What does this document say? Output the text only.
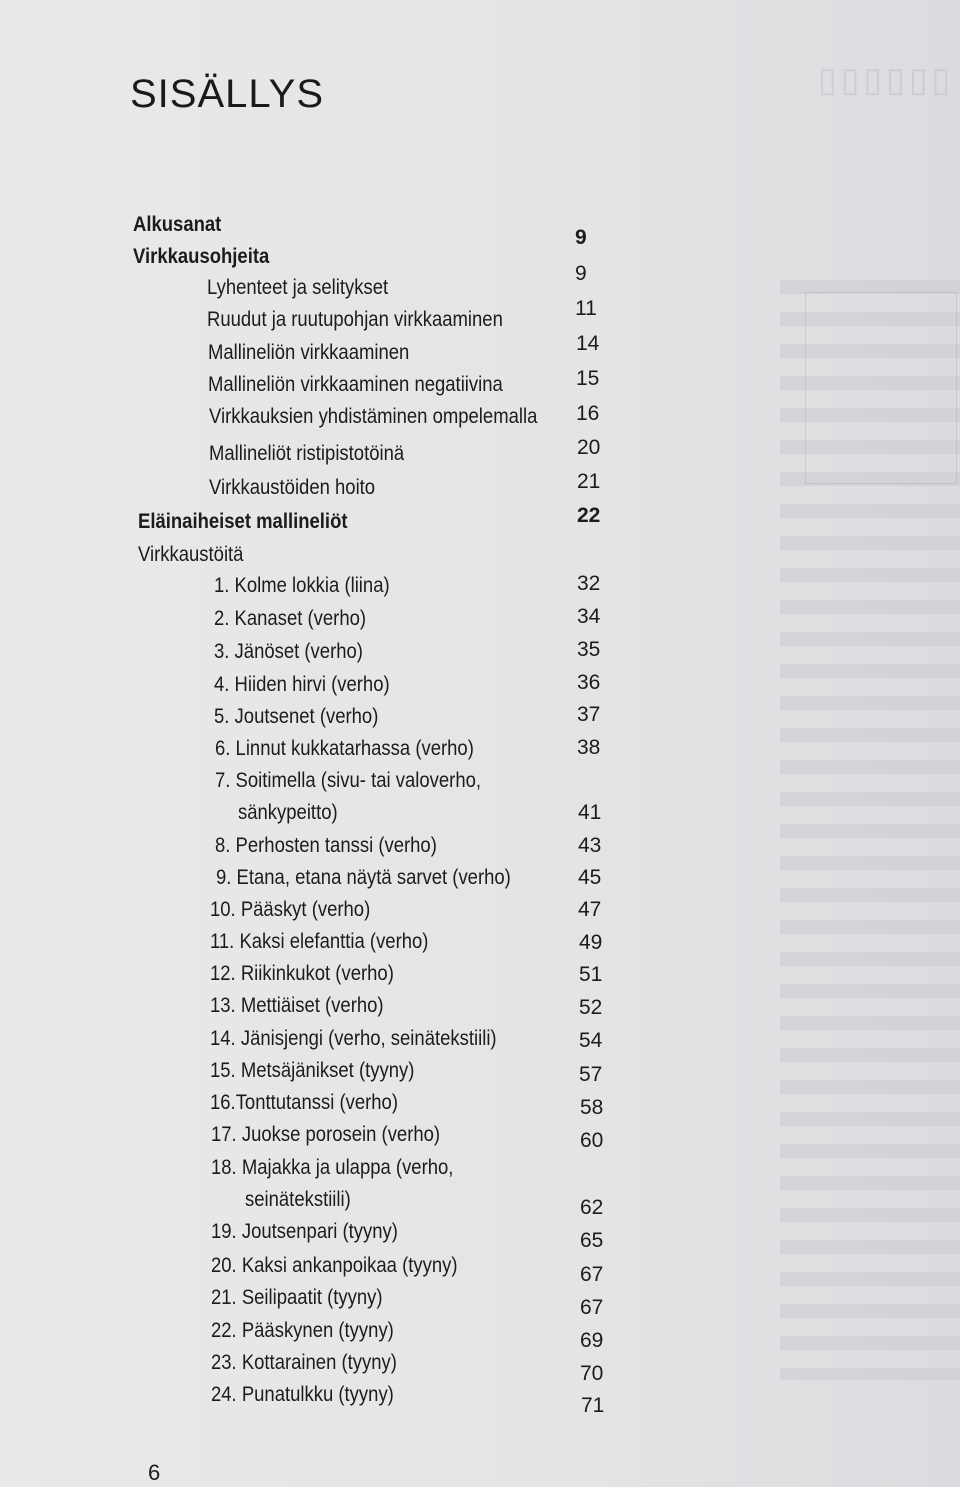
▯▯▯▯▯▯
SISÄLLYS
Alkusanat
Virkkausohjeita
Lyhenteet ja selitykset
Ruudut ja ruutupohjan virkkaaminen
Mallineliön virkkaaminen
Mallineliön virkkaaminen negatiivina
Virkkauksien yhdistäminen ompelemalla
Mallineliöt ristipistotöinä
Virkkaustöiden hoito
Eläinaiheiset mallineliöt
Virkkaustöitä
1. Kolme lokkia (liina)
2. Kanaset (verho)
3. Jänöset (verho)
4. Hiiden hirvi (verho)
5. Joutsenet (verho)
6. Linnut kukkatarhassa (verho)
7. Soitimella (sivu- tai valoverho,
sänkypeitto)
8. Perhosten tanssi (verho)
9. Etana, etana näytä sarvet (verho)
10. Pääskyt (verho)
11. Kaksi elefanttia (verho)
12. Riikinkukot (verho)
13. Mettiäiset (verho)
14. Jänisjengi (verho, seinätekstiili)
15. Metsäjänikset (tyyny)
16.Tonttutanssi (verho)
17. Juokse porosein (verho)
18. Majakka ja ulappa (verho,
seinätekstiili)
19. Joutsenpari (tyyny)
20. Kaksi ankanpoikaa (tyyny)
21. Seilipaatit (tyyny)
22. Pääskynen (tyyny)
23. Kottarainen (tyyny)
24. Punatulkku (tyyny)
9
9
11
14
15
16
20
21
22
32
34
35
36
37
38
41
43
45
47
49
51
52
54
57
58
60
62
65
67
67
69
70
71
6
